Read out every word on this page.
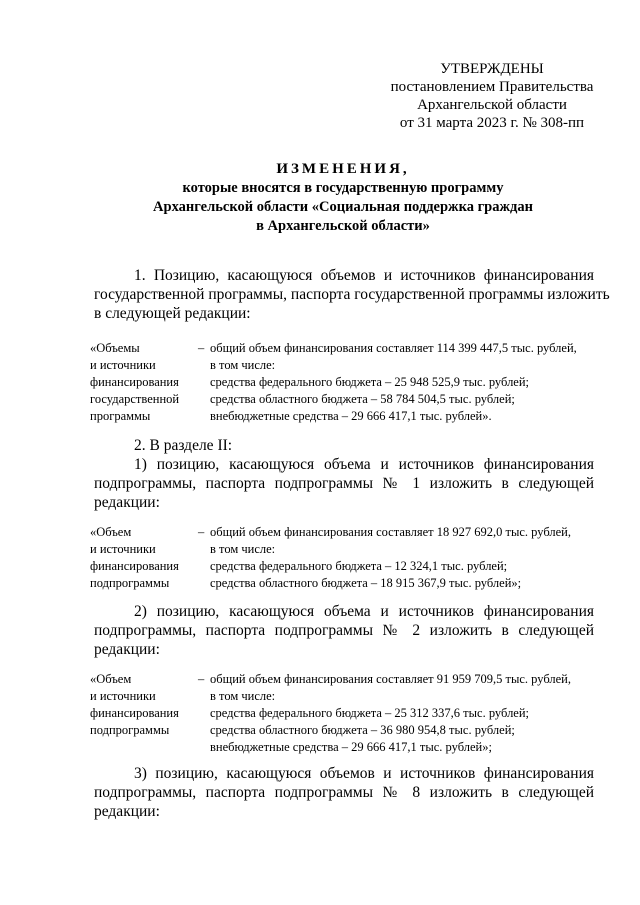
УТВЕРЖДЕНЫ
постановлением Правительства
Архангельской области
от 31 марта 2023 г. № 308-пп
ИЗМЕНЕНИЯ,
которые вносятся в государственную программу
Архангельской области «Социальная поддержка граждан
в Архангельской области»
1. Позицию, касающуюся объемов и источников финансирования
государственной программы, паспорта государственной программы изложить
в следующей редакции:
«Объемы
и источники
финансирования
государственной
программы
– общий объем финансирования составляет 114 399 447,5 тыс. рублей,
в том числе:
средства федерального бюджета – 25 948 525,9 тыс. рублей;
средства областного бюджета – 58 784 504,5 тыс. рублей;
внебюджетные средства – 29 666 417,1 тыс. рублей».
2. В разделе II:
1) позицию, касающуюся объема и источников финансирования
подпрограммы, паспорта подпрограммы № 1 изложить в следующей
редакции:
«Объем
и источники
финансирования
подпрограммы
– общий объем финансирования составляет 18 927 692,0 тыс. рублей,
в том числе:
средства федерального бюджета – 12 324,1 тыс. рублей;
средства областного бюджета – 18 915 367,9 тыс. рублей»;
2) позицию, касающуюся объема и источников финансирования
подпрограммы, паспорта подпрограммы № 2 изложить в следующей
редакции:
«Объем
и источники
финансирования
подпрограммы
– общий объем финансирования составляет 91 959 709,5 тыс. рублей,
в том числе:
средства федерального бюджета – 25 312 337,6 тыс. рублей;
средства областного бюджета – 36 980 954,8 тыс. рублей;
внебюджетные средства – 29 666 417,1 тыс. рублей»;
3) позицию, касающуюся объемов и источников финансирования
подпрограммы, паспорта подпрограммы № 8 изложить в следующей
редакции:
